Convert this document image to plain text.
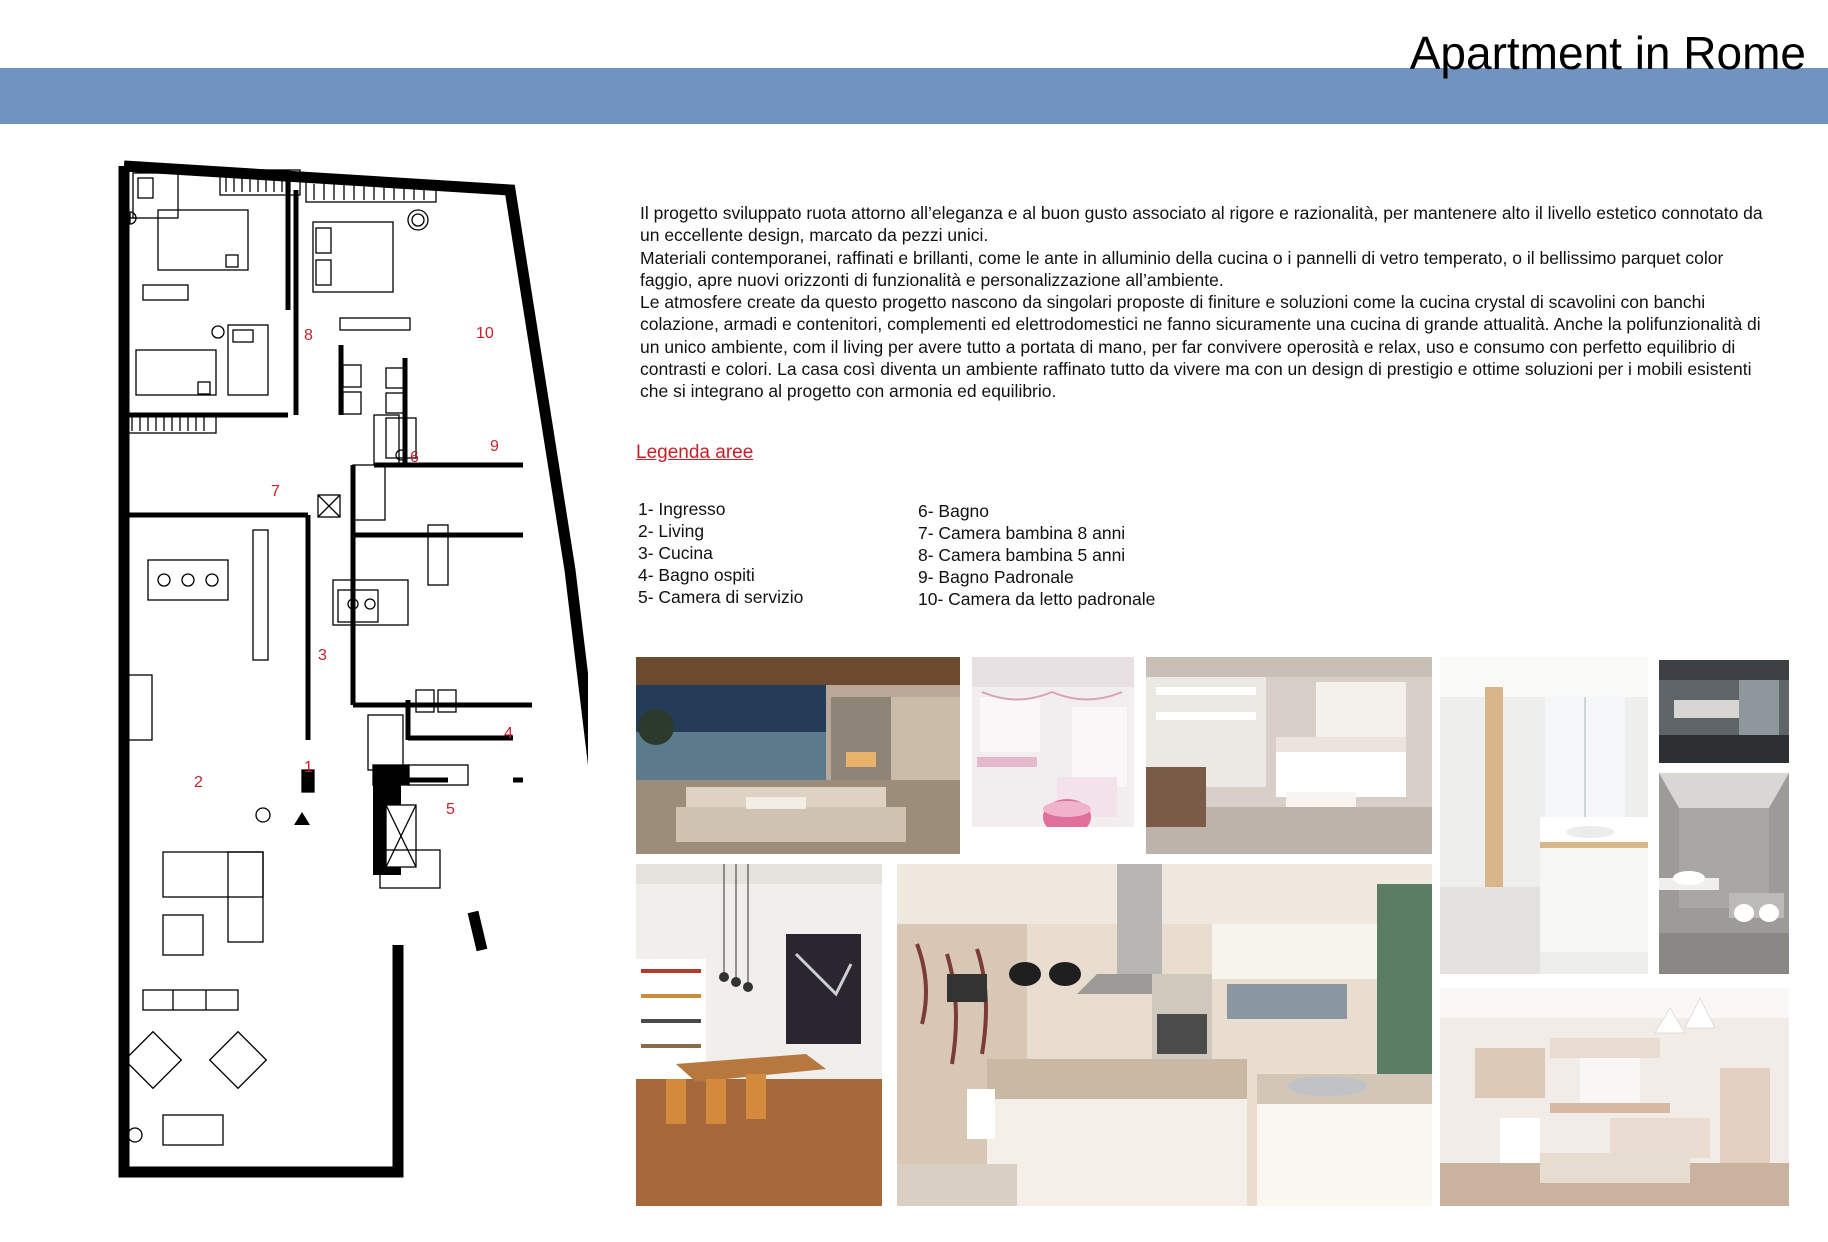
Apartment in Rome
1
2
3
4
5
6
7
8
9
10

Il progetto sviluppato ruota attorno all’eleganza e al buon gusto associato al rigore e razionalità, per mantenere alto il livello estetico connotato da un eccellente design, marcato da pezzi unici.

Materiali contemporanei, raffinati e brillanti, come le ante in alluminio della cucina o i pannelli di vetro temperato, o il bellissimo parquet color faggio, apre nuovi orizzonti di funzionalità e personalizzazione all’ambiente.

Le atmosfere create da questo progetto nascono da singolari proposte di finiture e soluzioni come la cucina crystal di scavolini con banchi colazione, armadi e contenitori, complementi ed elettrodomestici ne fanno sicuramente una cucina di grande attualità. Anche la polifunzionalità di un unico ambiente, com il living per avere tutto a portata di mano, per far convivere operosità e relax, uso e consumo con perfetto equilibrio di contrasti e colori. La casa così diventa un ambiente raffinato tutto da vivere ma con un design di prestigio e ottime soluzioni per i mobili esistenti che si integrano al progetto con armonia ed equilibrio.

Legenda aree
1- Ingresso
2- Living
3- Cucina
4- Bagno ospiti
5- Camera di servizio
6- Bagno
7- Camera bambina 8 anni
8- Camera bambina 5 anni
9- Bagno Padronale
10- Camera da letto padronale
